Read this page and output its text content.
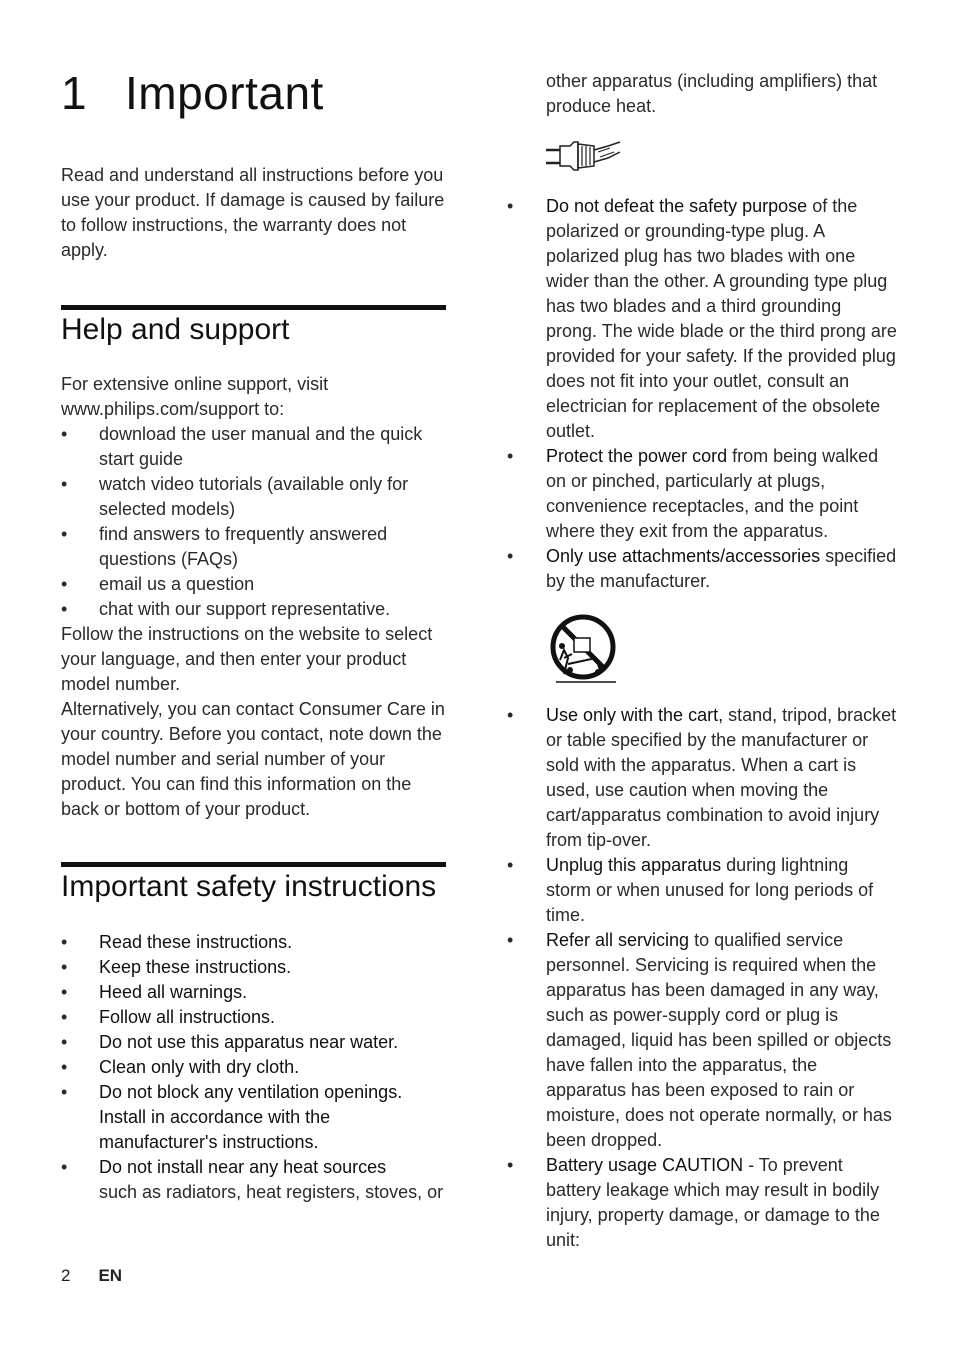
1 Important

Read and understand all instructions before you use your product. If damage is caused by failure to follow instructions, the warranty does not apply.

Help and support

For extensive online support, visit

www.philips.com/support to:

• download the user manual and the quick start guide
• watch video tutorials (available only for selected models)
• find answers to frequently answered questions (FAQs)
• email us a question
• chat with our support representative.

Follow the instructions on the website to select your language, and then enter your product model number.

Alternatively, you can contact Consumer Care in your country. Before you contact, note down the model number and serial number of your product. You can find this information on the back or bottom of your product.

Important safety instructions
• Read these instructions.
• Keep these instructions.
• Heed all warnings.
• Follow all instructions.
• Do not use this apparatus near water.
• Clean only with dry cloth.
• Do not block any ventilation openings. Install in accordance with the manufacturer's instructions.
• Do not install near any heat sources
such as radiators, heat registers, stoves, or

other apparatus (including amplifiers) that produce heat.

• Do not defeat the safety purpose of the polarized or grounding-type plug. A polarized plug has two blades with one wider than the other. A grounding type plug has two blades and a third grounding prong. The wide blade or the third prong are provided for your safety. If the provided plug does not fit into your outlet, consult an electrician for replacement of the obsolete outlet.
• Protect the power cord from being walked on or pinched, particularly at plugs, convenience receptacles, and the point where they exit from the apparatus.
• Only use attachments/accessories specified by the manufacturer.
• Use only with the cart, stand, tripod, bracket or table specified by the manufacturer or sold with the apparatus. When a cart is used, use caution when moving the cart/apparatus combination to avoid injury from tip-over.
• Unplug this apparatus during lightning storm or when unused for long periods of time.
• Refer all servicing to qualified service personnel. Servicing is required when the apparatus has been damaged in any way, such as power-supply cord or plug is damaged, liquid has been spilled or objects have fallen into the apparatus, the apparatus has been exposed to rain or moisture, does not operate normally, or has been dropped.
• Battery usage CAUTION - To prevent battery leakage which may result in bodily injury, property damage, or damage to the unit:
2 EN
